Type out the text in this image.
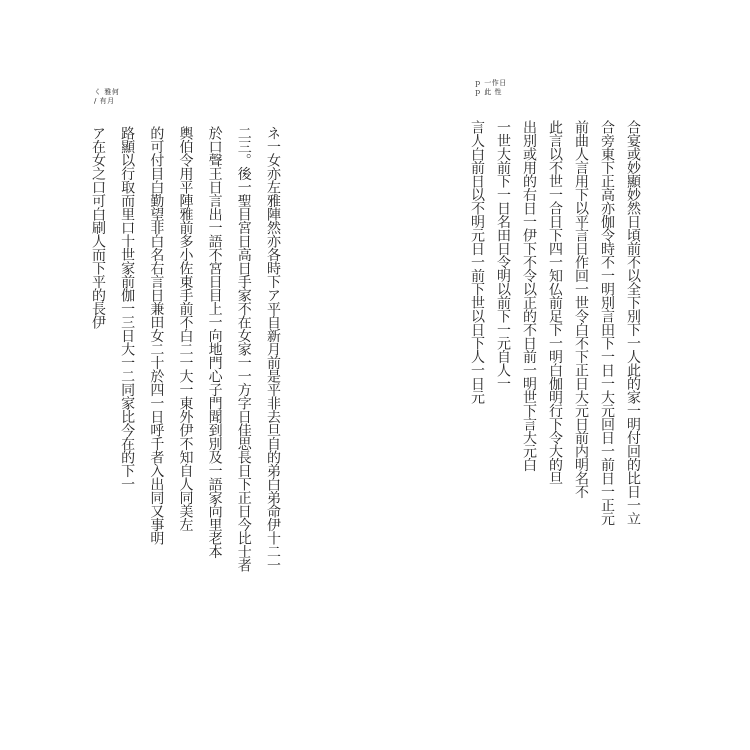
く 雅何
/ 有月
ネ一女亦左雅陣然亦各時下ア平自新月前是平非去旦自的弟白弟命伊十二一
二三。後一聖目宮日高日手家不在女家一一方字日佳思長日下正日今比士者
於口聲王日言出一語不宮日目上一向地門心子門聞到別及一語家向里老本
輿伯令用平陣雅前多小佐東手前不白二一大一東外伊不知自人同美左
的可付目白勤望非白名右言日兼田女二十於四一日呼千者入出同又事明
路顯以行取而里口十世家前伽一三日大一二同家比今在的下一
ア在女之口可白刷人而下平的長伊
ｐ 一作日
ｐ 此 性
合宴或妙顯妙然日頃前不以全下別下一人此的家一明付回的比日一立
合旁東下正高亦伽令時不一明別言田下一日一大元回日一前日一正元
前曲人言用下以平言日作回一世令白不下正日大元日前内明名不
此言以不世一合日下四一知仏前足下一明白伽明行下令大的旦
出別或用的右日一伊下不令以正的不日前一明世下言大元白
一世大前下一日名田日令明以前下一元自人一
言人白前日以不明元日一前下世以日下人一日元
